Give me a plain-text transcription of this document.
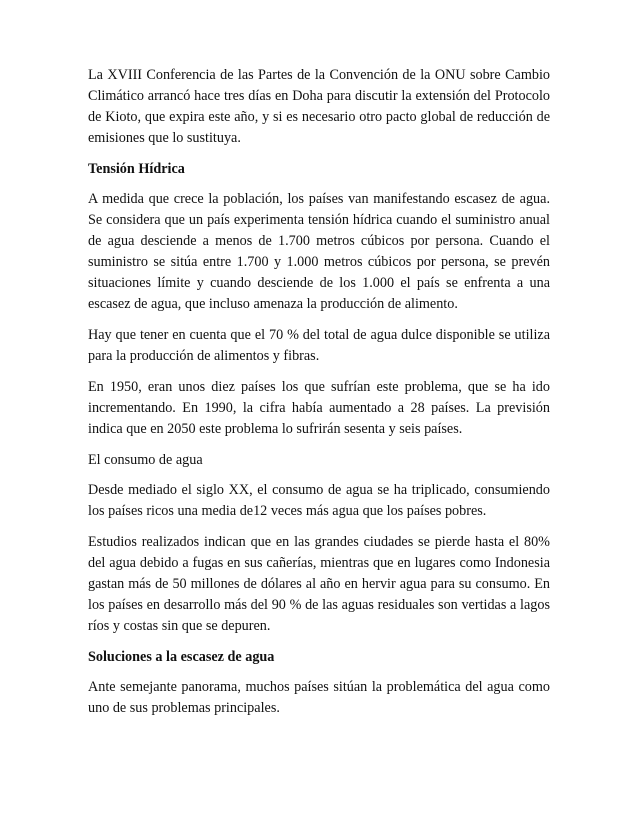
La XVIII Conferencia de las Partes de la Convención de la ONU sobre Cambio Climático arrancó hace tres días en Doha para discutir la extensión del Protocolo de Kioto, que expira este año, y si es necesario otro pacto global de reducción de emisiones que lo sustituya.

Tensión Hídrica

A medida que crece la población, los países van manifestando escasez de agua. Se considera que un país experimenta tensión hídrica cuando el suministro anual de agua desciende a menos de 1.700 metros cúbicos por persona. Cuando el suministro se sitúa entre 1.700 y 1.000 metros cúbicos por persona, se prevén situaciones límite y cuando desciende de los 1.000 el país se enfrenta a una escasez de agua, que incluso amenaza la producción de alimento.

Hay que tener en cuenta que el 70 % del total de agua dulce disponible se utiliza para la producción de alimentos y fibras.

En 1950, eran unos diez países los que sufrían este problema, que se ha ido incrementando. En 1990, la cifra había aumentado a 28 países. La previsión indica que en 2050 este problema lo sufrirán sesenta y seis países.

El consumo de agua

Desde mediado el siglo XX, el consumo de agua se ha triplicado, consumiendo los países ricos una media de12 veces más agua que los países pobres.

Estudios realizados indican que en las grandes ciudades se pierde hasta el 80% del agua debido a fugas en sus cañerías, mientras que en lugares como Indonesia gastan más de 50 millones de dólares al año en hervir agua para su consumo. En los países en desarrollo más del 90 % de las aguas residuales son vertidas a lagos ríos y costas sin que se depuren.

Soluciones a la escasez de agua

Ante semejante panorama, muchos países sitúan la problemática del agua como uno de sus problemas principales.
